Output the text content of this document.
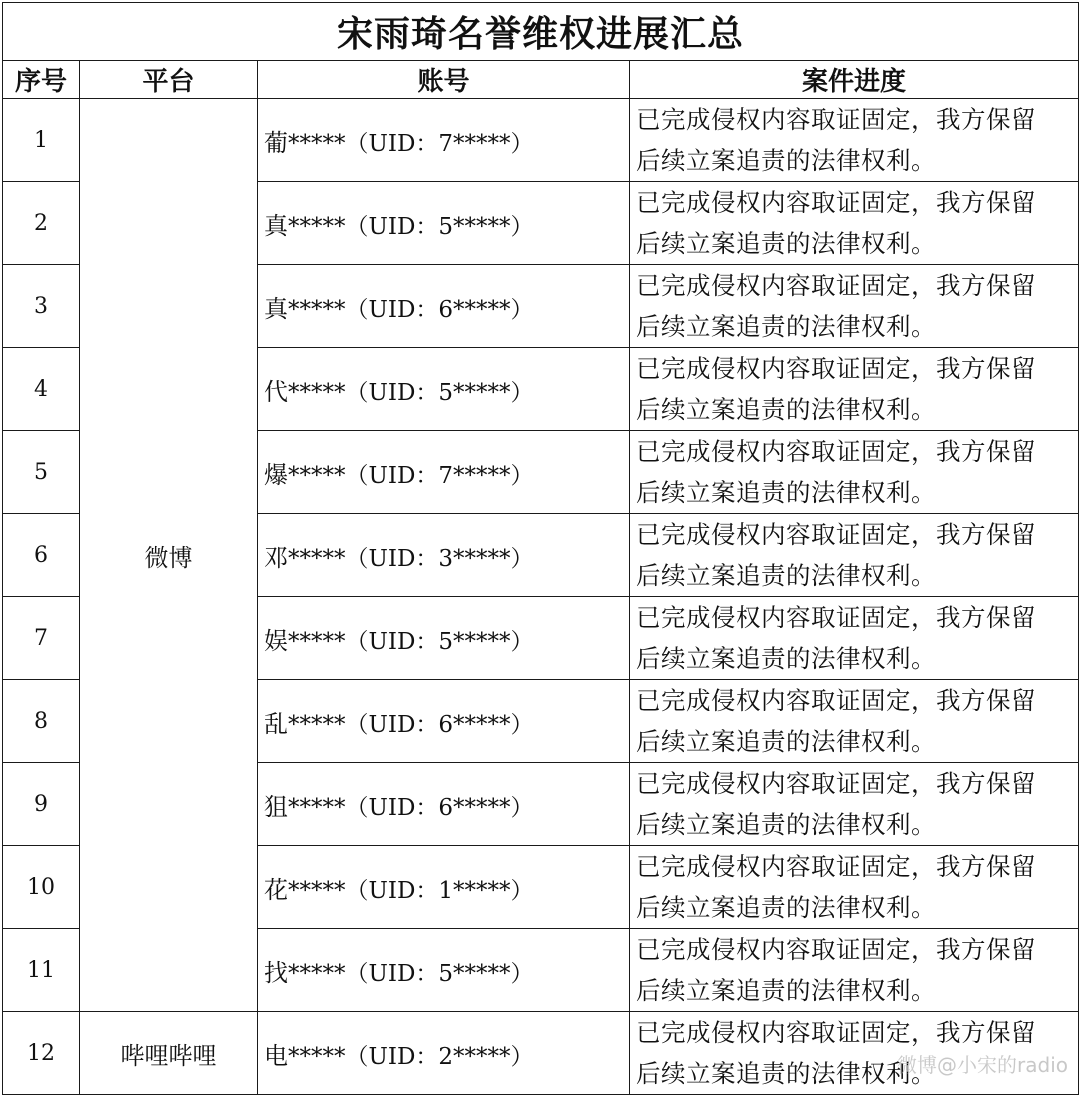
宋雨琦名誉维权进展汇总			
序号	平台	账号	案件进度
1	微博	葡*****（UID：7*****）	已完成侵权内容取证固定，我方保留
后续立案追责的法律权利。

2		真*****（UID：5*****）	已完成侵权内容取证固定，我方保留
后续立案追责的法律权利。

3		真*****（UID：6*****）	已完成侵权内容取证固定，我方保留
后续立案追责的法律权利。

4		代*****（UID：5*****）	已完成侵权内容取证固定，我方保留
后续立案追责的法律权利。

5		爆*****（UID：7*****）	已完成侵权内容取证固定，我方保留
后续立案追责的法律权利。

6		邓*****（UID：3*****）	已完成侵权内容取证固定，我方保留
后续立案追责的法律权利。

7		娱*****（UID：5*****）	已完成侵权内容取证固定，我方保留
后续立案追责的法律权利。

8		乱*****（UID：6*****）	已完成侵权内容取证固定，我方保留
后续立案追责的法律权利。

9		狙*****（UID：6*****）	已完成侵权内容取证固定，我方保留
后续立案追责的法律权利。

10		花*****（UID：1*****）	已完成侵权内容取证固定，我方保留
后续立案追责的法律权利。

11		找*****（UID：5*****）	已完成侵权内容取证固定，我方保留
后续立案追责的法律权利。

12	哔哩哔哩	电*****（UID：2*****）	已完成侵权内容取证固定，我方保留
后续立案追责的法律权利。
微博@小宋的radio
